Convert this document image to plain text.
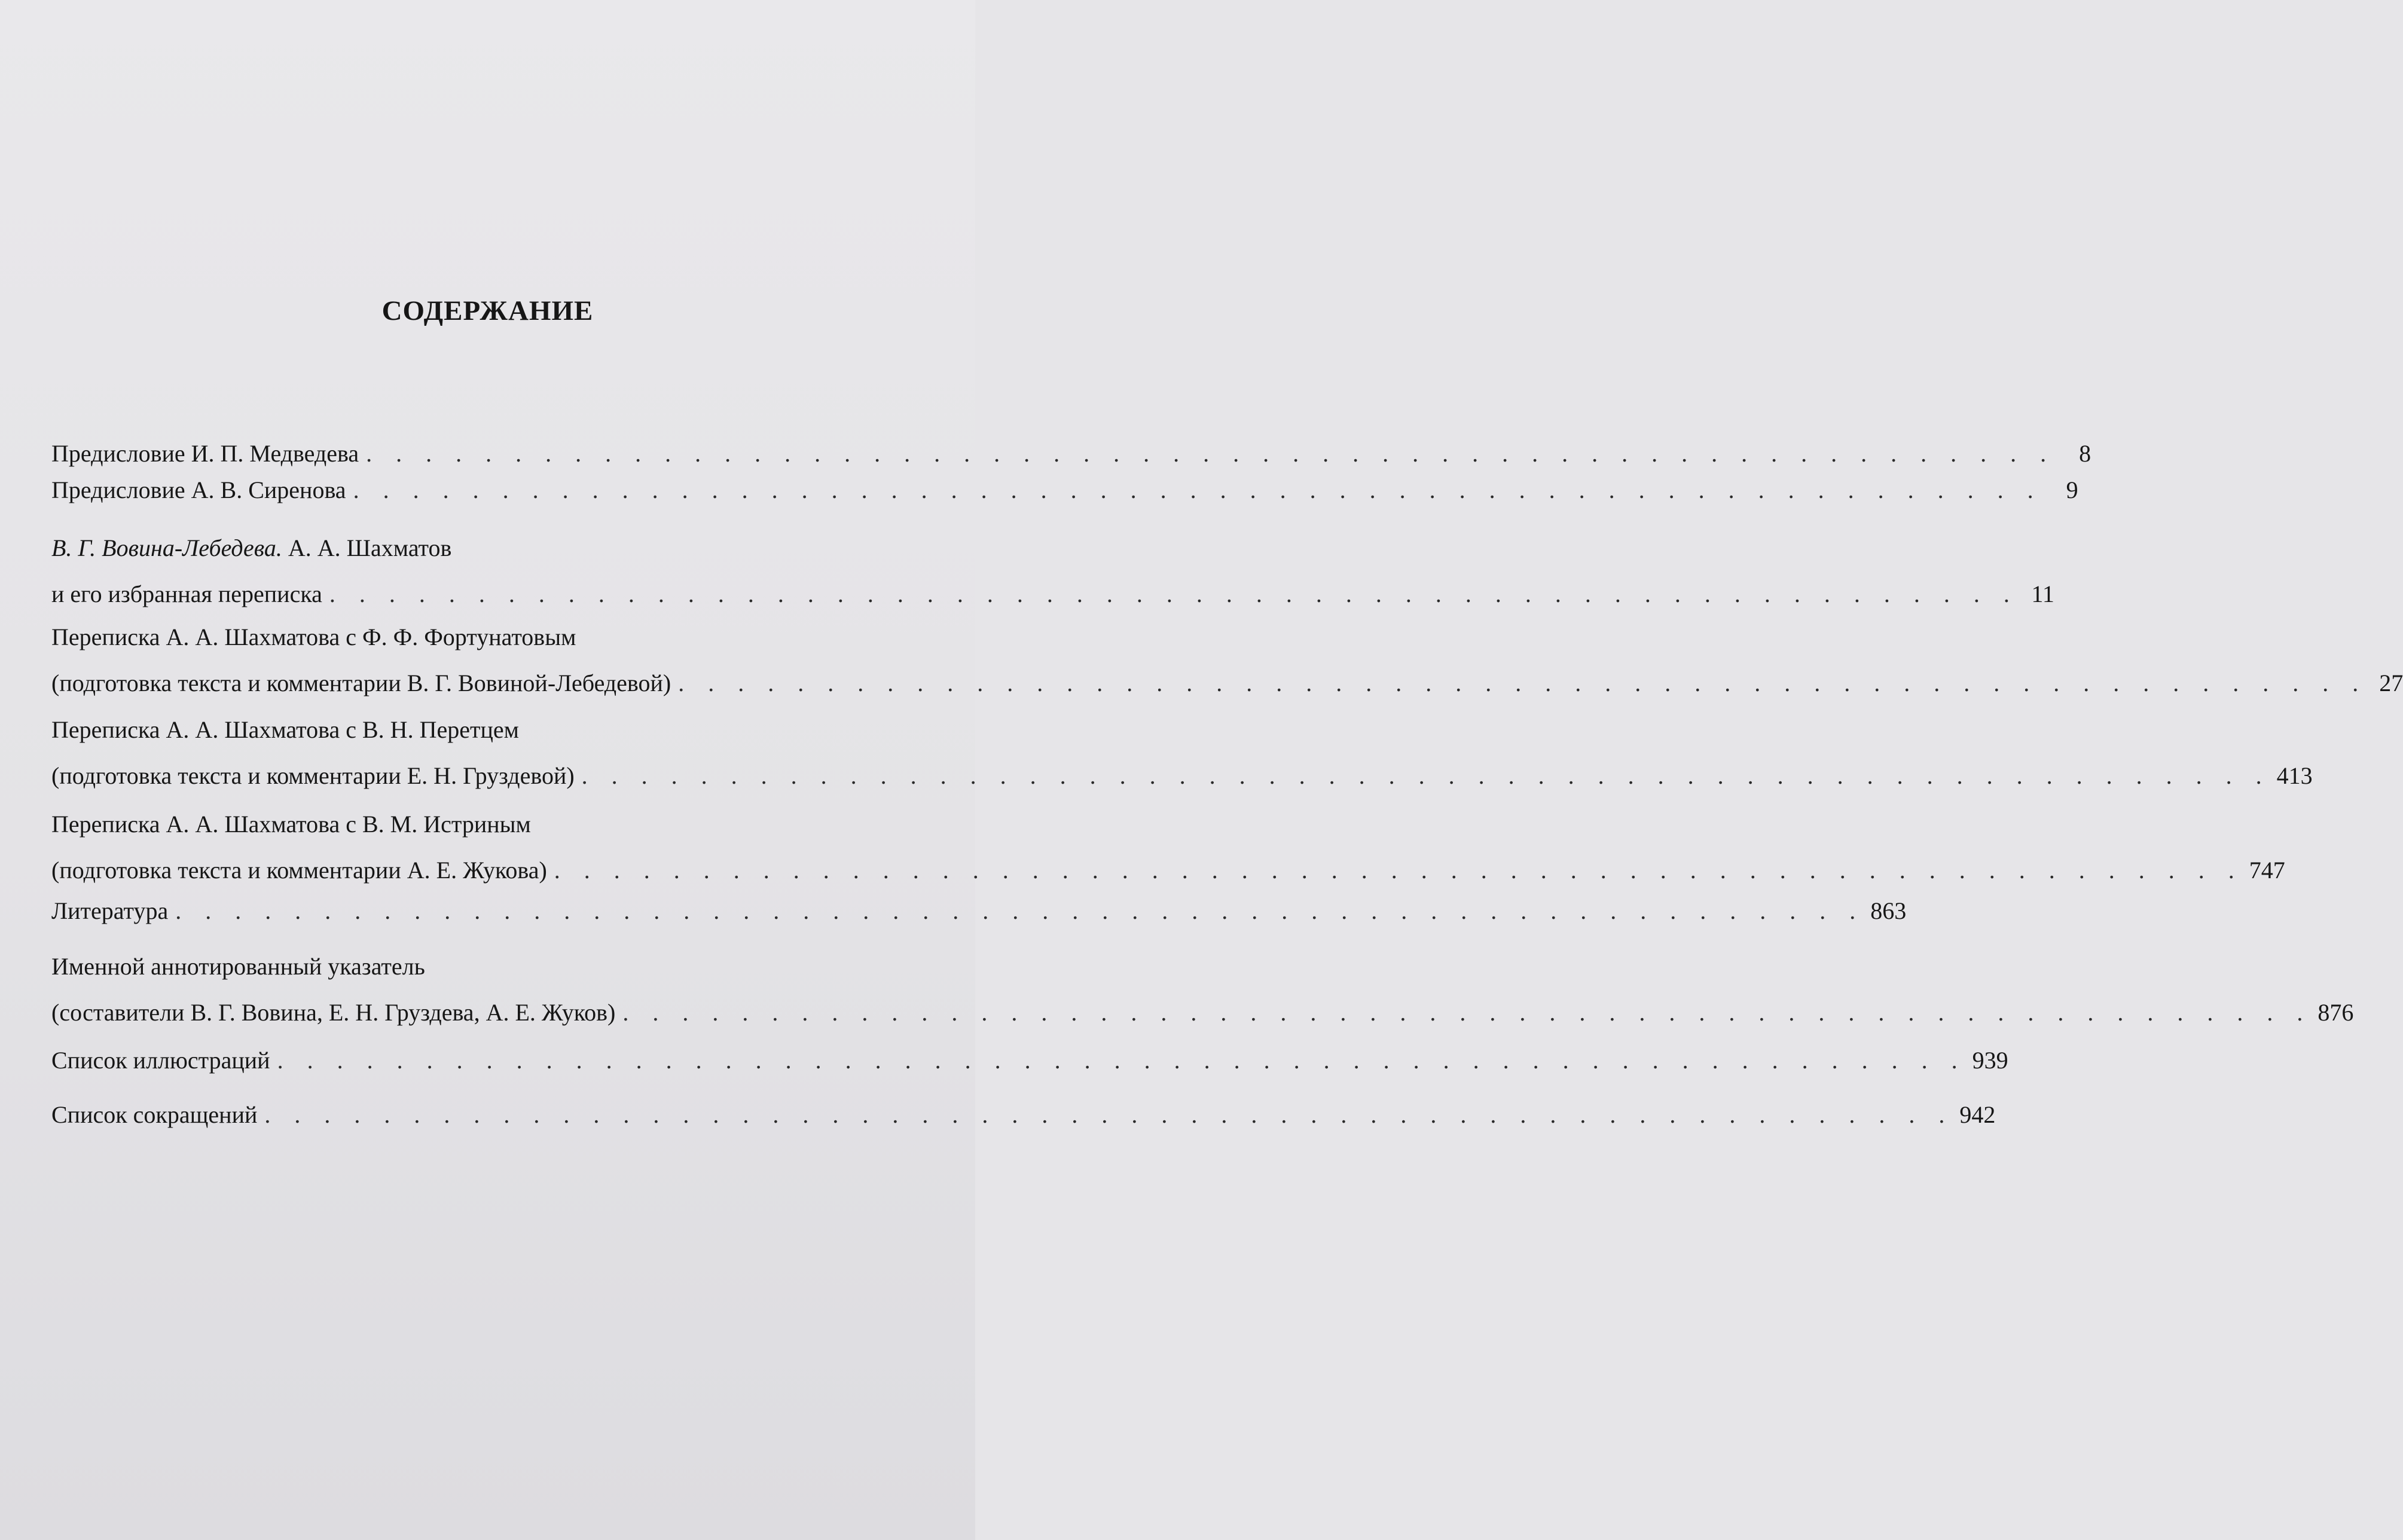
СОДЕРЖАНИЕ
Предисловие И. П. Медведева . . . . . . . . . . . . . . . . . . . . . . . . . . . . . . . . . . . . . . . . . . . . . . . . . . . . . . . . .	8
Предисловие А. В. Сиренова . . . . . . . . . . . . . . . . . . . . . . . . . . . . . . . . . . . . . . . . . . . . . . . . . . . . . . . . .	9
В. Г. Вовина-Лебедева. А. А. Шахматов
и его избранная переписка . . . . . . . . . . . . . . . . . . . . . . . . . . . . . . . . . . . . . . . . . . . . . . . . . . . . . . . . . 11
Переписка А. А. Шахматова с Ф. Ф. Фортунатовым
(подготовка текста и комментарии В. Г. Вовиной-Лебедевой) . . . . . . . . . . . . . . . . . . . . . . . . . . . . . . . . . . . . . . . . . . . . . . . . . . . . . . . . . 27
Переписка А. А. Шахматова с В. Н. Перетцем
(подготовка текста и комментарии Е. Н. Груздевой) . . . . . . . . . . . . . . . . . . . . . . . . . . . . . . . . . . . . . . . . . . . . . . . . . . . . . . . . . 413
Переписка А. А. Шахматова с В. М. Истриным
(подготовка текста и комментарии А. Е. Жукова) . . . . . . . . . . . . . . . . . . . . . . . . . . . . . . . . . . . . . . . . . . . . . . . . . . . . . . . . . 747
Литература . . . . . . . . . . . . . . . . . . . . . . . . . . . . . . . . . . . . . . . . . . . . . . . . . . . . . . . . . 863
Именной аннотированный указатель
(составители В. Г. Вовина, Е. Н. Груздева, А. Е. Жуков) . . . . . . . . . . . . . . . . . . . . . . . . . . . . . . . . . . . . . . . . . . . . . . . . . . . . . . . . . 876
Список иллюстраций . . . . . . . . . . . . . . . . . . . . . . . . . . . . . . . . . . . . . . . . . . . . . . . . . . . . . . . . . 939
Список сокращений . . . . . . . . . . . . . . . . . . . . . . . . . . . . . . . . . . . . . . . . . . . . . . . . . . . . . . . . . 942
